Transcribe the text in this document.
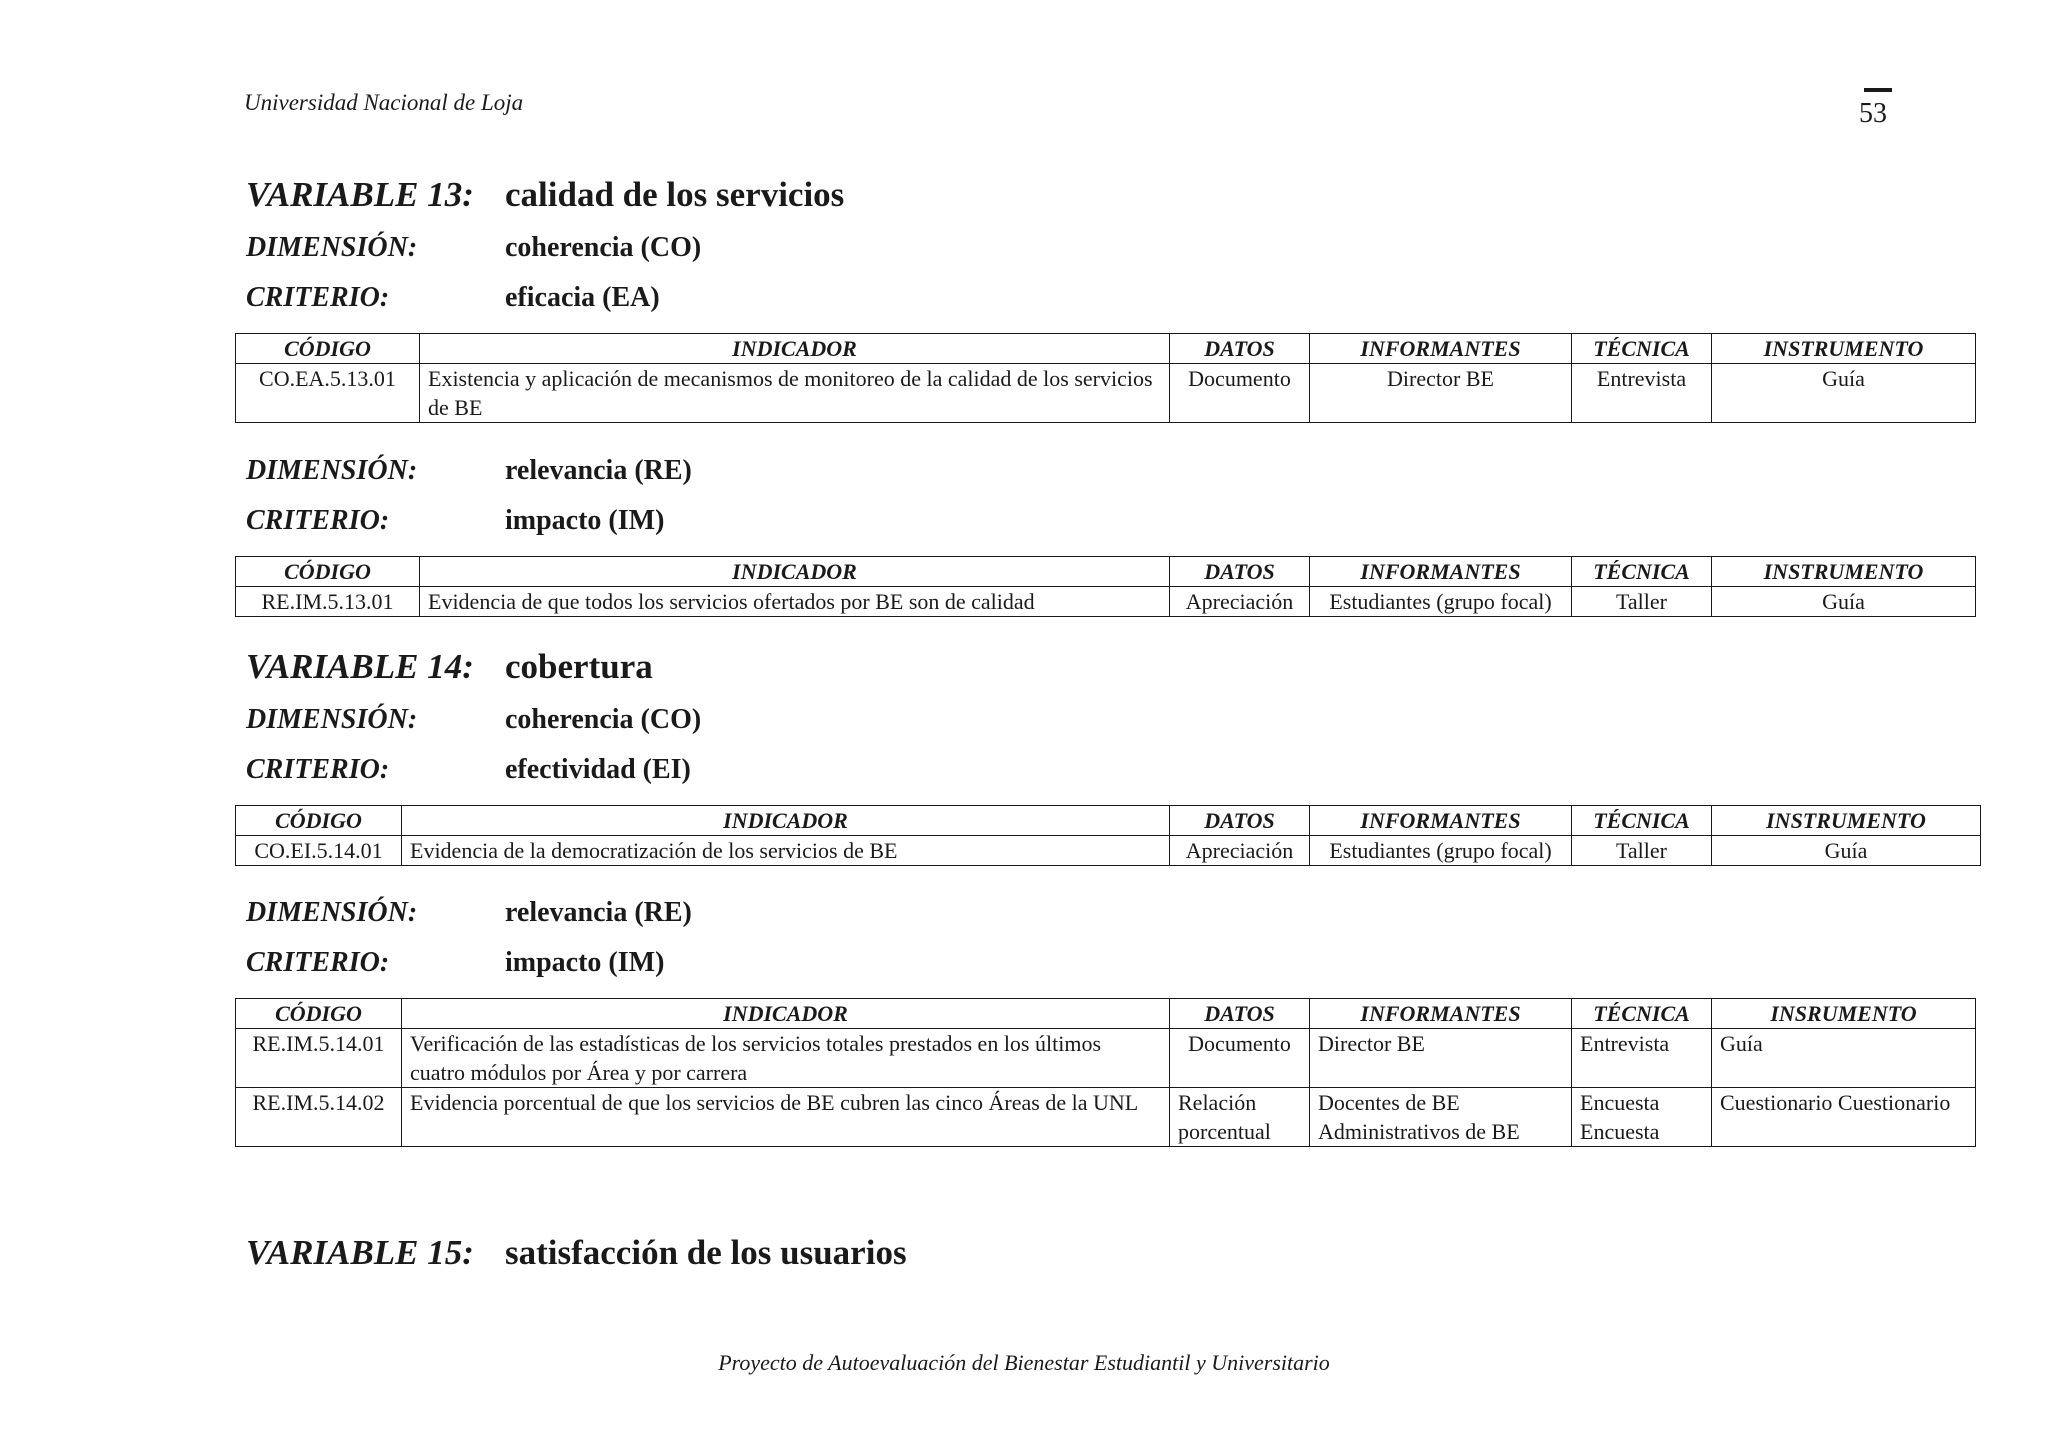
Universidad Nacional de Loja	53
VARIABLE 13: calidad de los servicios
DIMENSIÓN:	coherencia (CO)
CRITERIO:	eficacia (EA)
CÓDIGO	INDICADOR	DATOS	INFORMANTES	TÉCNICA	INSTRUMENTO
CO.EA.5.13.01	Existencia y aplicación de mecanismos de monitoreo de la calidad de los servicios de BE	Documento	Director BE	Entrevista	Guía
DIMENSIÓN:	relevancia (RE)
CRITERIO:	impacto (IM)
CÓDIGO	INDICADOR	DATOS	INFORMANTES	TÉCNICA	INSTRUMENTO
RE.IM.5.13.01	Evidencia de que todos los servicios ofertados por BE son de calidad	Apreciación	Estudiantes (grupo focal)	Taller	Guía
VARIABLE 14: cobertura
DIMENSIÓN:	coherencia (CO)
CRITERIO:	efectividad (EI)
CÓDIGO	INDICADOR	DATOS	INFORMANTES	TÉCNICA	INSTRUMENTO
CO.EI.5.14.01	Evidencia de la democratización de los servicios de BE	Apreciación	Estudiantes (grupo focal)	Taller	Guía
DIMENSIÓN:	relevancia (RE)
CRITERIO:	impacto (IM)
CÓDIGO	INDICADOR	DATOS	INFORMANTES	TÉCNICA	INSRUMENTO
RE.IM.5.14.01	Verificación de las estadísticas de los servicios totales prestados en los últimos cuatro módulos por Área y por carrera	Documento	Director BE	Entrevista	Guía
RE.IM.5.14.02	Evidencia porcentual de que los servicios de BE cubren las cinco Áreas de la UNL	Relación porcentual	Docentes de BE Administrativos de BE	Encuesta Encuesta	Cuestionario Cuestionario
VARIABLE 15: satisfacción de los usuarios
Proyecto de Autoevaluación del Bienestar Estudiantil y Universitario
